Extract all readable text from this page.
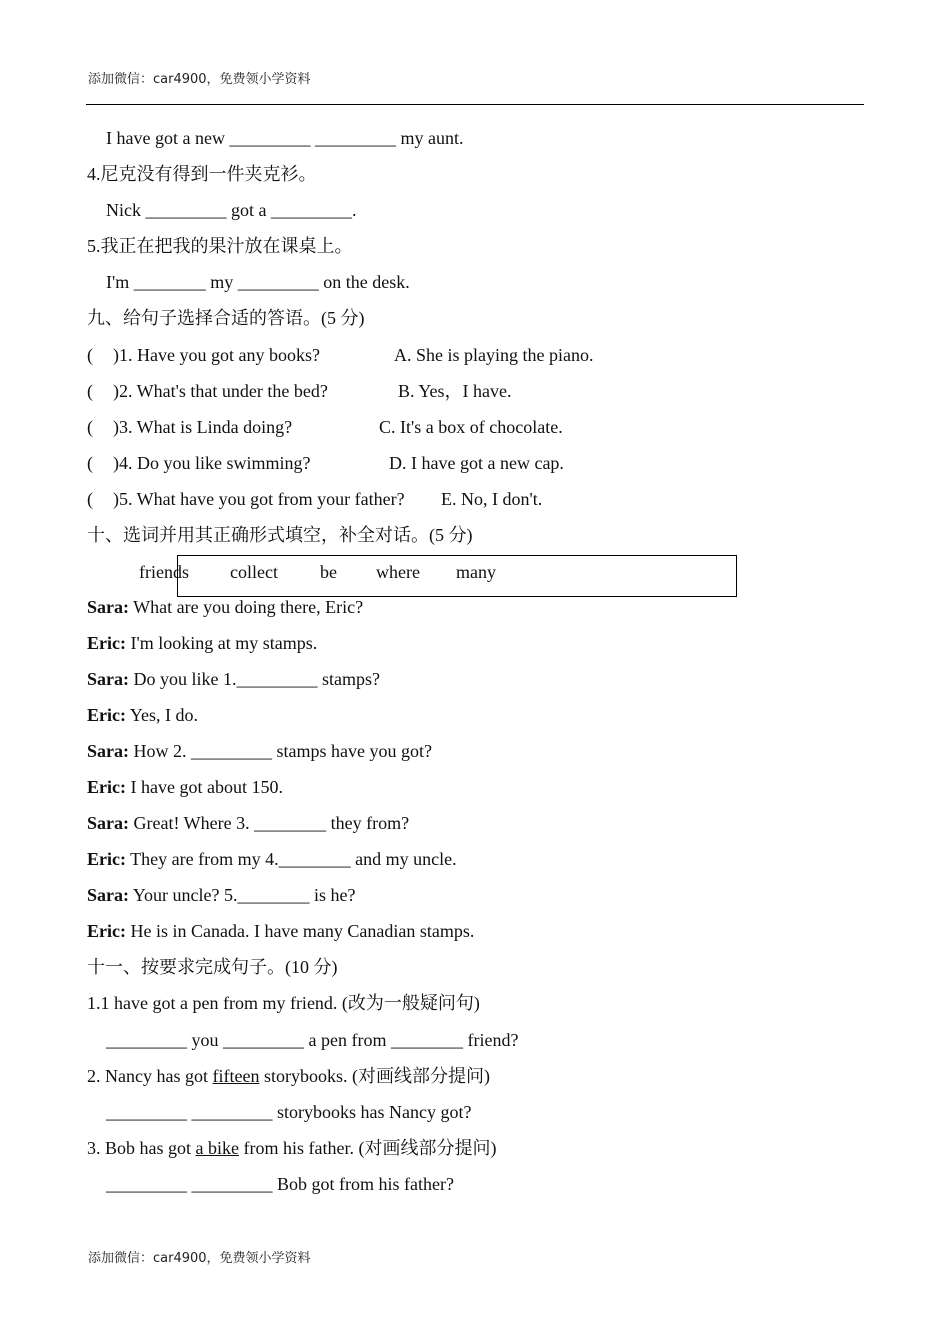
添加微信：car4900，免费领小学资料
I have got a new _________ _________ my aunt.
4.尼克没有得到一件夹克衫。
Nick _________ got a _________.
5.我正在把我的果汁放在课桌上。
I'm ________ my _________ on the desk.
九、给句子选择合适的答语。(5 分)
( )1. Have you got any books?	A. She is playing the piano.
( )2. What's that under the bed?	B. Yes，I have.
( )3. What is Linda doing?	C. It's a box of chocolate.
( )4. Do you like swimming?	D. I have got a new cap.
( )5. What have you got from your father? E. No, I don't.
十、选词并用其正确形式填空，补全对话。(5 分)
friends collect be where many
Sara: What are you doing there, Eric?
Eric: I'm looking at my stamps.
Sara: Do you like 1._________ stamps?
Eric: Yes, I do.
Sara: How 2. _________ stamps have you got?
Eric: I have got about 150.
Sara: Great! Where 3. ________ they from?
Eric: They are from my 4.________ and my uncle.
Sara: Your uncle? 5.________ is he?
Eric: He is in Canada. I have many Canadian stamps.
十一、按要求完成句子。(10 分)
1.1 have got a pen from my friend. (改为一般疑问句)
_________ you _________ a pen from ________ friend?
2. Nancy has got fifteen storybooks. (对画线部分提问)
_________ _________ storybooks has Nancy got?
3. Bob has got a bike from his father. (对画线部分提问)
_________ _________ Bob got from his father?
添加微信：car4900，免费领小学资料
